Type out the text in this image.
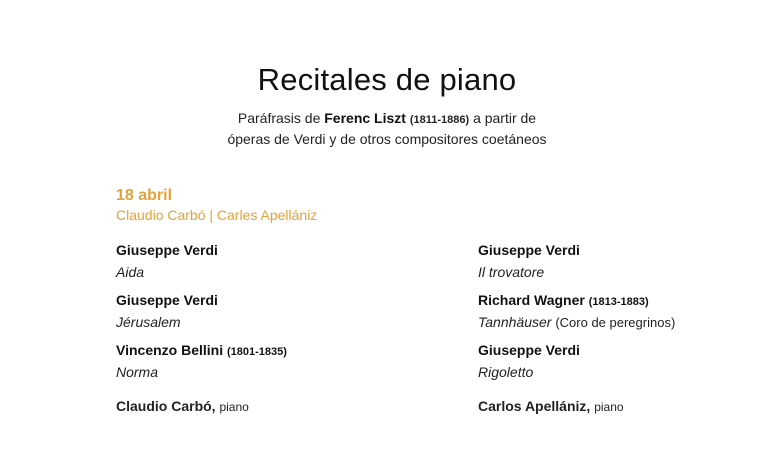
Recitales de piano
Paráfrasis de Ferenc Liszt (1811-1886) a partir de
óperas de Verdi y de otros compositores coetáneos
18 abril
Claudio Carbó | Carles Apellániz
Giuseppe Verdi
Aida
Giuseppe Verdi
Jérusalem
Vincenzo Bellini (1801-1835)
Norma
Claudio Carbó, piano
Giuseppe Verdi
Il trovatore
Richard Wagner (1813-1883)
Tannhäuser (Coro de peregrinos)
Giuseppe Verdi
Rigoletto
Carlos Apellániz, piano
